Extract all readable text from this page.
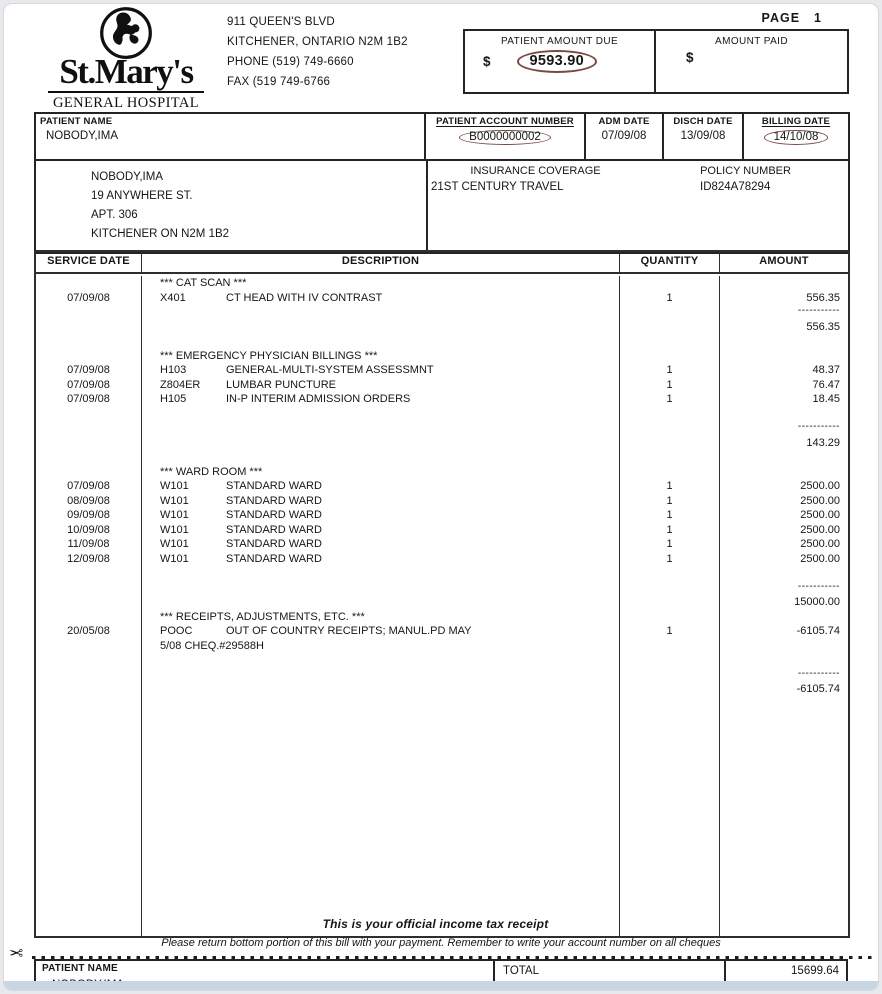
St.Mary's
GENERAL HOSPITAL
911 QUEEN'S BLVD
KITCHENER, ONTARIO N2M 1B2
PHONE (519) 749-6660
FAX (519 749-6766
PAGE 1
PATIENT AMOUNT DUE
$	9593.90
AMOUNT PAID
$
PATIENT NAME
NOBODY,IMA
PATIENT ACCOUNT NUMBER
B0000000002
ADM DATE
07/09/08
DISCH DATE
13/09/08
BILLING DATE
14/10/08
NOBODY,IMA
19 ANYWHERE ST.
APT. 306
KITCHENER ON N2M 1B2
INSURANCE COVERAGE
21ST CENTURY TRAVEL
POLICY NUMBER
ID824A78294
SERVICE DATE	DESCRIPTION	QUANTITY	AMOUNT
*** CAT SCAN ***
07/09/08	X401	CT HEAD WITH IV CONTRAST	1	556.35
-----------
556.35
*** EMERGENCY PHYSICIAN BILLINGS ***
07/09/08	H103	GENERAL-MULTI-SYSTEM ASSESSMNT	1	48.37
07/09/08	Z804ER LUMBAR PUNCTURE	1	76.47
07/09/08	H105	IN-P INTERIM ADMISSION ORDERS	1	18.45
-----------
143.29
*** WARD ROOM ***
07/09/08	W101	STANDARD WARD	1	2500.00
08/09/08	W101	STANDARD WARD	1	2500.00
09/09/08	W101	STANDARD WARD	1	2500.00
10/09/08	W101	STANDARD WARD	1	2500.00
11/09/08	W101	STANDARD WARD	1	2500.00
12/09/08	W101	STANDARD WARD	1	2500.00
-----------
15000.00
*** RECEIPTS, ADJUSTMENTS, ETC. ***
20/05/08	POOC	OUT OF COUNTRY RECEIPTS; MANUL.PD MAY	1	-6105.74
5/08 CHEQ.#29588H
-----------
-6105.74
This is your official income tax receipt
Please return bottom portion of this bill with your payment. Remember to write your account number on all cheques
✂
PATIENT NAME	TOTAL	15699.64
